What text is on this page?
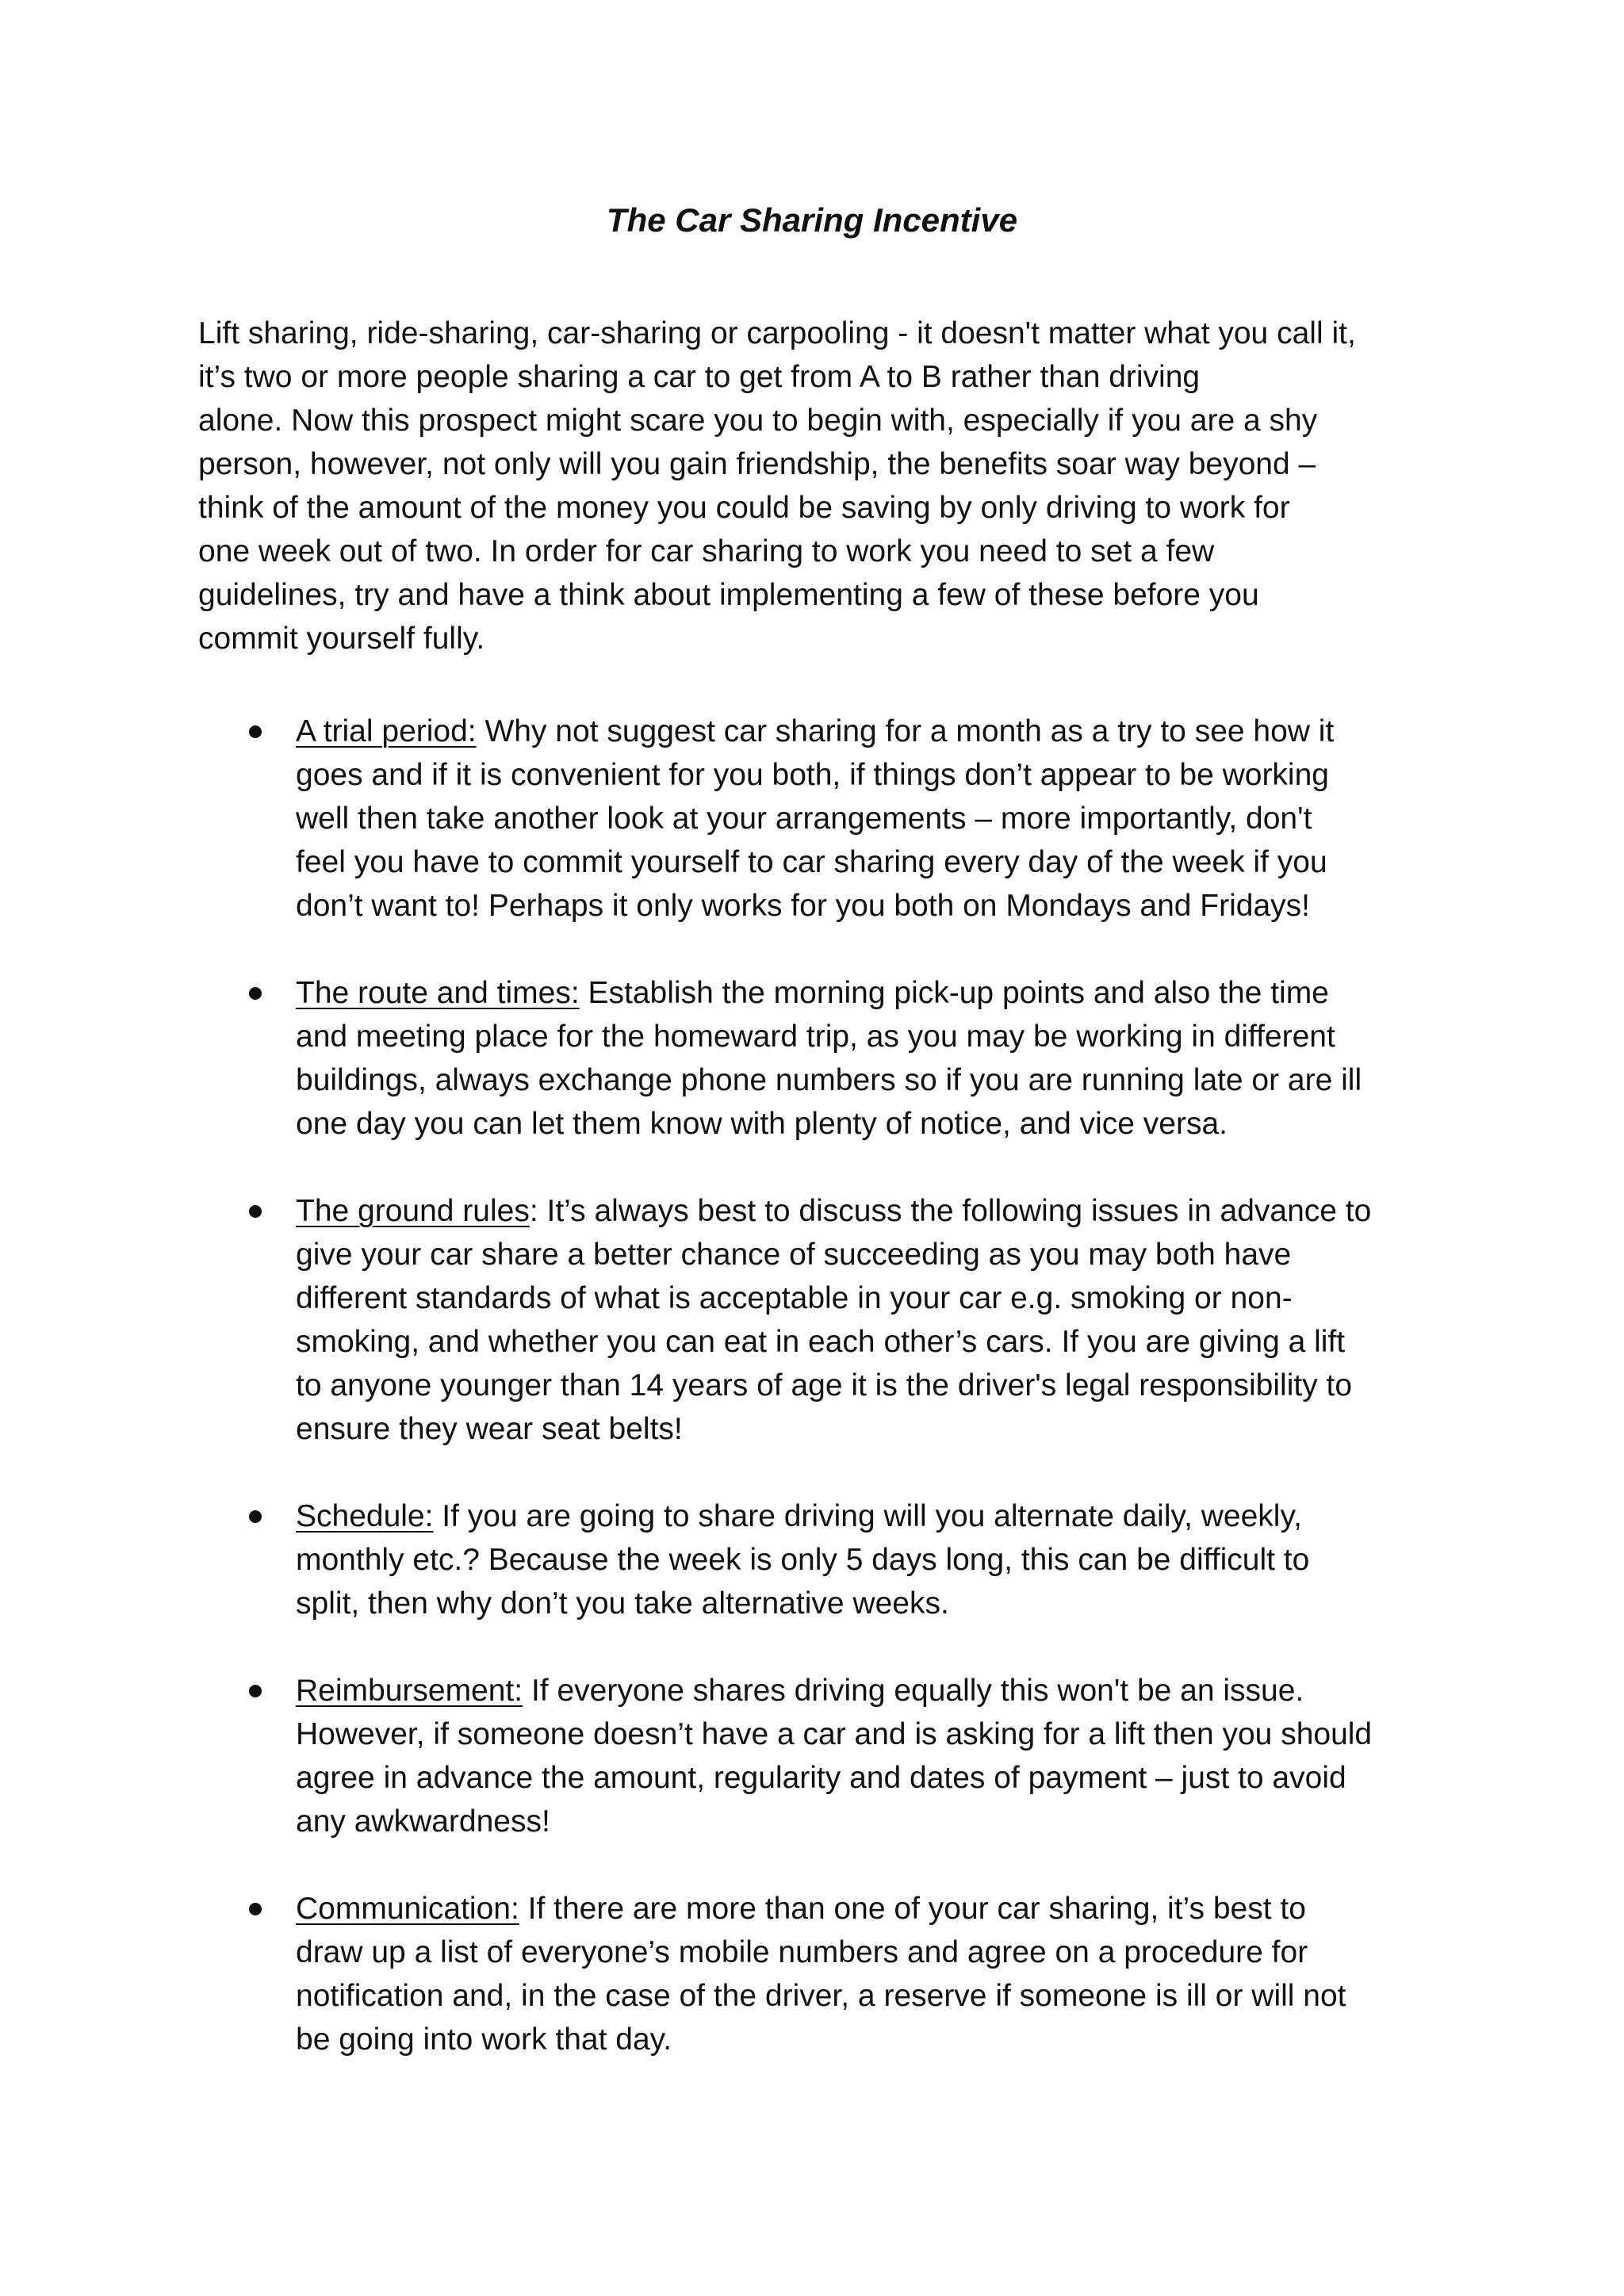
The Car Sharing Incentive

Lift sharing, ride-sharing, car-sharing or carpooling - it doesn't matter what you call it,
it’s two or more people sharing a car to get from A to B rather than driving
alone. Now this prospect might scare you to begin with, especially if you are a shy
person, however, not only will you gain friendship, the benefits soar way beyond –
think of the amount of the money you could be saving by only driving to work for
one week out of two. In order for car sharing to work you need to set a few
guidelines, try and have a think about implementing a few of these before you
commit yourself fully.

A trial period: Why not suggest car sharing for a month as a try to see how it
goes and if it is convenient for you both, if things don’t appear to be working
well then take another look at your arrangements – more importantly, don't
feel you have to commit yourself to car sharing every day of the week if you
don’t want to! Perhaps it only works for you both on Mondays and Fridays!
The route and times: Establish the morning pick-up points and also the time
and meeting place for the homeward trip, as you may be working in different
buildings, always exchange phone numbers so if you are running late or are ill
one day you can let them know with plenty of notice, and vice versa.
The ground rules: It’s always best to discuss the following issues in advance to
give your car share a better chance of succeeding as you may both have
different standards of what is acceptable in your car e.g. smoking or non-
smoking, and whether you can eat in each other’s cars. If you are giving a lift
to anyone younger than 14 years of age it is the driver's legal responsibility to
ensure they wear seat belts!
Schedule: If you are going to share driving will you alternate daily, weekly,
monthly etc.? Because the week is only 5 days long, this can be difficult to
split, then why don’t you take alternative weeks.
Reimbursement: If everyone shares driving equally this won't be an issue.
However, if someone doesn’t have a car and is asking for a lift then you should
agree in advance the amount, regularity and dates of payment – just to avoid
any awkwardness!
Communication: If there are more than one of your car sharing, it’s best to
draw up a list of everyone’s mobile numbers and agree on a procedure for
notification and, in the case of the driver, a reserve if someone is ill or will not
be going into work that day.
